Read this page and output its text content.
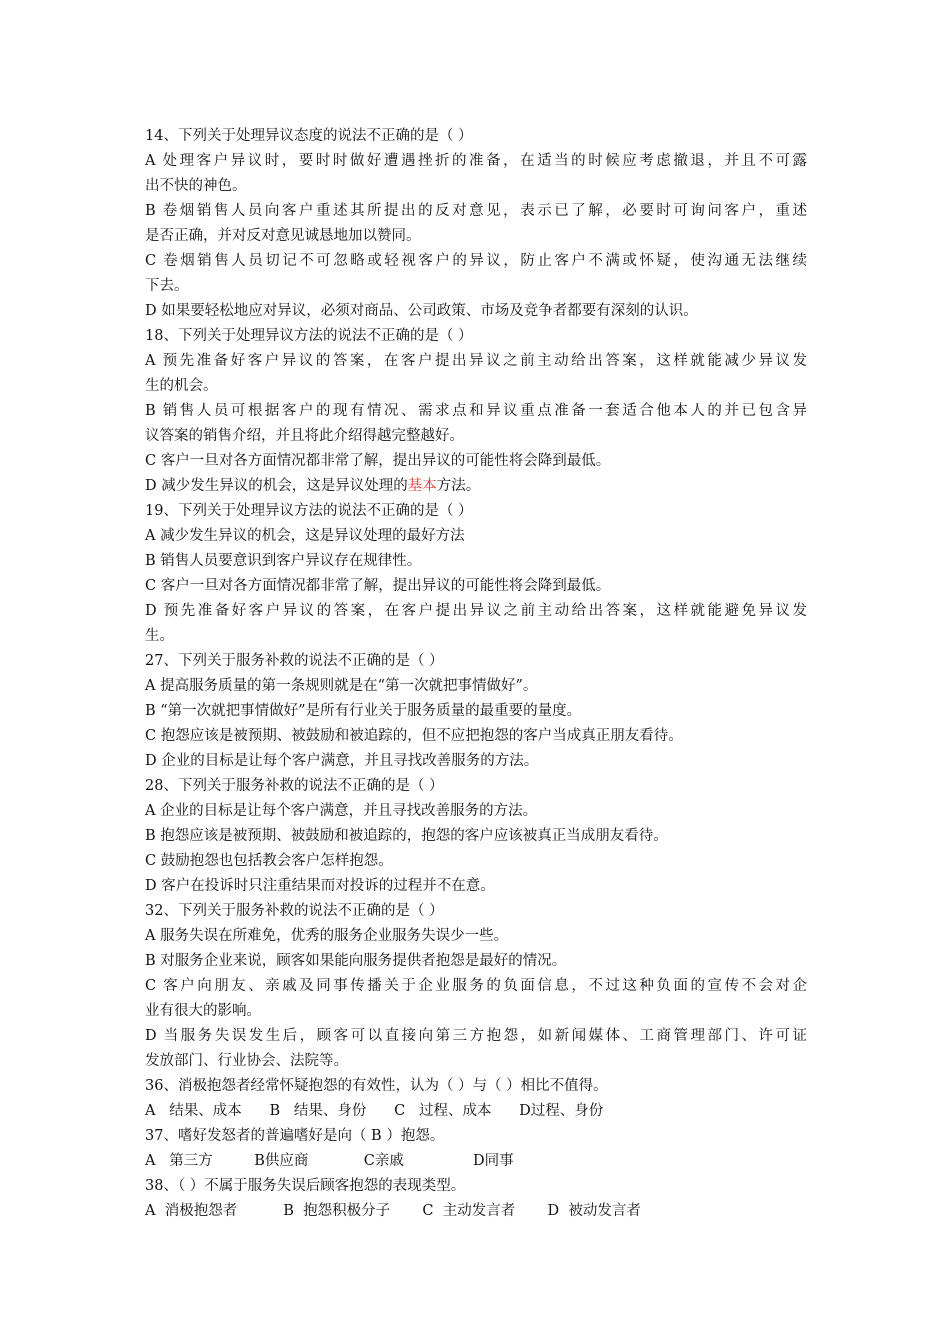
14、下列关于处理异议态度的说法不正确的是（ ）
A 处理客户异议时，要时时做好遭遇挫折的准备，在适当的时候应考虑撤退，并且不可露
出不快的神色。
B 卷烟销售人员向客户重述其所提出的反对意见，表示已了解，必要时可询问客户，重述
是否正确，并对反对意见诚恳地加以赞同。
C 卷烟销售人员切记不可忽略或轻视客户的异议，防止客户不满或怀疑，使沟通无法继续
下去。
D 如果要轻松地应对异议，必须对商品、公司政策、市场及竞争者都要有深刻的认识。
18、下列关于处理异议方法的说法不正确的是（ ）
A 预先准备好客户异议的答案，在客户提出异议之前主动给出答案，这样就能减少异议发
生的机会。
B 销售人员可根据客户的现有情况、需求点和异议重点准备一套适合他本人的并已包含异
议答案的销售介绍，并且将此介绍得越完整越好。
C 客户一旦对各方面情况都非常了解，提出异议的可能性将会降到最低。
D 减少发生异议的机会，这是异议处理的基本方法。
19、下列关于处理异议方法的说法不正确的是（ ）
A 减少发生异议的机会，这是异议处理的最好方法
B 销售人员要意识到客户异议存在规律性。
C 客户一旦对各方面情况都非常了解，提出异议的可能性将会降到最低。
D 预先准备好客户异议的答案，在客户提出异议之前主动给出答案，这样就能避免异议发
生。
27、下列关于服务补救的说法不正确的是（ ）
A 提高服务质量的第一条规则就是在“第一次就把事情做好”。
B “第一次就把事情做好”是所有行业关于服务质量的最重要的量度。
C 抱怨应该是被预期、被鼓励和被追踪的，但不应把抱怨的客户当成真正朋友看待。
D 企业的目标是让每个客户满意，并且寻找改善服务的方法。
28、下列关于服务补救的说法不正确的是（ ）
A 企业的目标是让每个客户满意，并且寻找改善服务的方法。
B 抱怨应该是被预期、被鼓励和被追踪的，抱怨的客户应该被真正当成朋友看待。
C 鼓励抱怨也包括教会客户怎样抱怨。
D 客户在投诉时只注重结果而对投诉的过程并不在意。
32、下列关于服务补救的说法不正确的是（ ）
A 服务失误在所难免，优秀的服务企业服务失误少一些。
B 对服务企业来说，顾客如果能向服务提供者抱怨是最好的情况。
C 客户向朋友、亲戚及同事传播关于企业服务的负面信息，不过这种负面的宣传不会对企
业有很大的影响。
D 当服务失误发生后，顾客可以直接向第三方抱怨，如新闻媒体、工商管理部门、许可证
发放部门、行业协会、法院等。
36、消极抱怨者经常怀疑抱怨的有效性，认为（ ）与（ ）相比不值得。
A   结果、成本      B   结果、身份      C   过程、成本      D过程、身份
37、嗜好发怒者的普遍嗜好是向（ B ）抱怨。
A   第三方         B供应商            C亲戚               D同事
38、（ ）不属于服务失误后顾客抱怨的表现类型。
A  消极抱怨者          B  抱怨积极分子       C  主动发言者       D  被动发言者
